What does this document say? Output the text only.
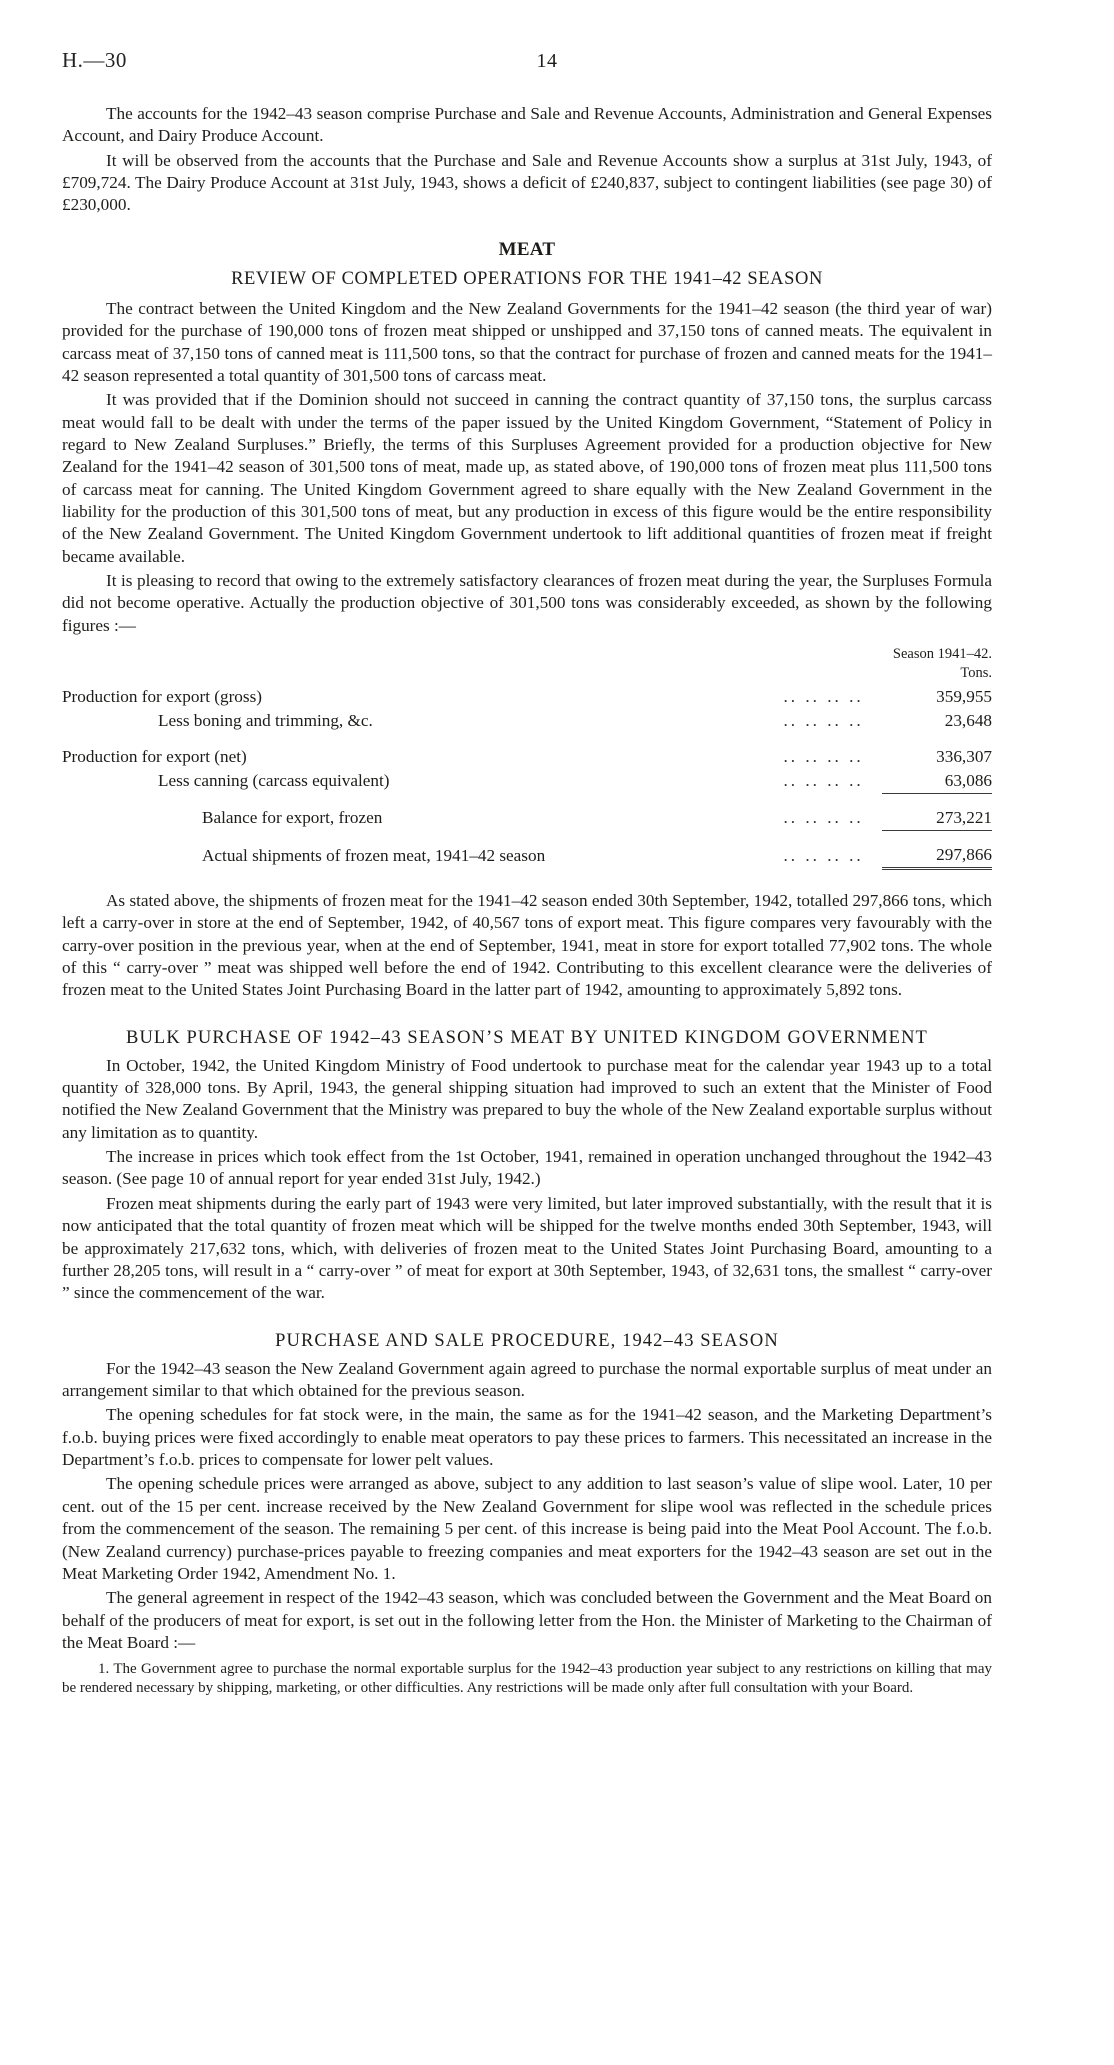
H.—30	14

The accounts for the 1942–43 season comprise Purchase and Sale and Revenue Accounts, Administration and General Expenses Account, and Dairy Produce Account.

It will be observed from the accounts that the Purchase and Sale and Revenue Accounts show a surplus at 31st July, 1943, of £709,724. The Dairy Produce Account at 31st July, 1943, shows a deficit of £240,837, subject to contingent liabilities (see page 30) of £230,000.

MEAT
REVIEW OF COMPLETED OPERATIONS FOR THE 1941–42 SEASON

The contract between the United Kingdom and the New Zealand Governments for the 1941–42 season (the third year of war) provided for the purchase of 190,000 tons of frozen meat shipped or unshipped and 37,150 tons of canned meats. The equivalent in carcass meat of 37,150 tons of canned meat is 111,500 tons, so that the contract for purchase of frozen and canned meats for the 1941–42 season represented a total quantity of 301,500 tons of carcass meat.

It was provided that if the Dominion should not succeed in canning the contract quantity of 37,150 tons, the surplus carcass meat would fall to be dealt with under the terms of the paper issued by the United Kingdom Government, “Statement of Policy in regard to New Zealand Surpluses.” Briefly, the terms of this Surpluses Agreement provided for a production objective for New Zealand for the 1941–42 season of 301,500 tons of meat, made up, as stated above, of 190,000 tons of frozen meat plus 111,500 tons of carcass meat for canning. The United Kingdom Government agreed to share equally with the New Zealand Government in the liability for the production of this 301,500 tons of meat, but any production in excess of this figure would be the entire responsibility of the New Zealand Government. The United Kingdom Government undertook to lift additional quantities of frozen meat if freight became available.

It is pleasing to record that owing to the extremely satisfactory clearances of frozen meat during the year, the Surpluses Formula did not become operative. Actually the production objective of 301,500 tons was considerably exceeded, as shown by the following figures :—

		Season 1941–42.
Tons.

Production for export (gross)	.. .. .. ..	359,955
Less boning and trimming, &c.	.. .. .. ..	23,648
Production for export (net)	.. .. .. ..	336,307
Less canning (carcass equivalent)	.. .. .. ..	63,086
Balance for export, frozen	.. .. .. ..	273,221
Actual shipments of frozen meat, 1941–42 season	.. .. .. ..	297,866

As stated above, the shipments of frozen meat for the 1941–42 season ended 30th September, 1942, totalled 297,866 tons, which left a carry-over in store at the end of September, 1942, of 40,567 tons of export meat. This figure compares very favourably with the carry-over position in the previous year, when at the end of September, 1941, meat in store for export totalled 77,902 tons. The whole of this “ carry-over ” meat was shipped well before the end of 1942. Contributing to this excellent clearance were the deliveries of frozen meat to the United States Joint Purchasing Board in the latter part of 1942, amounting to approximately 5,892 tons.

BULK PURCHASE OF 1942–43 SEASON’S MEAT BY UNITED KINGDOM GOVERNMENT

In October, 1942, the United Kingdom Ministry of Food undertook to purchase meat for the calendar year 1943 up to a total quantity of 328,000 tons. By April, 1943, the general shipping situation had improved to such an extent that the Minister of Food notified the New Zealand Government that the Ministry was prepared to buy the whole of the New Zealand exportable surplus without any limitation as to quantity.

The increase in prices which took effect from the 1st October, 1941, remained in operation unchanged throughout the 1942–43 season. (See page 10 of annual report for year ended 31st July, 1942.)

Frozen meat shipments during the early part of 1943 were very limited, but later improved substantially, with the result that it is now anticipated that the total quantity of frozen meat which will be shipped for the twelve months ended 30th September, 1943, will be approximately 217,632 tons, which, with deliveries of frozen meat to the United States Joint Purchasing Board, amounting to a further 28,205 tons, will result in a “ carry-over ” of meat for export at 30th September, 1943, of 32,631 tons, the smallest “ carry-over ” since the commencement of the war.

PURCHASE AND SALE PROCEDURE, 1942–43 SEASON

For the 1942–43 season the New Zealand Government again agreed to purchase the normal exportable surplus of meat under an arrangement similar to that which obtained for the previous season.

The opening schedules for fat stock were, in the main, the same as for the 1941–42 season, and the Marketing Department’s f.o.b. buying prices were fixed accordingly to enable meat operators to pay these prices to farmers. This necessitated an increase in the Department’s f.o.b. prices to compensate for lower pelt values.

The opening schedule prices were arranged as above, subject to any addition to last season’s value of slipe wool. Later, 10 per cent. out of the 15 per cent. increase received by the New Zealand Government for slipe wool was reflected in the schedule prices from the commencement of the season. The remaining 5 per cent. of this increase is being paid into the Meat Pool Account. The f.o.b. (New Zealand currency) purchase-prices payable to freezing companies and meat exporters for the 1942–43 season are set out in the Meat Marketing Order 1942, Amendment No. 1.

The general agreement in respect of the 1942–43 season, which was concluded between the Government and the Meat Board on behalf of the producers of meat for export, is set out in the following letter from the Hon. the Minister of Marketing to the Chairman of the Meat Board :—

1. The Government agree to purchase the normal exportable surplus for the 1942–43 production year subject to any restrictions on killing that may be rendered necessary by shipping, marketing, or other difficulties. Any restrictions will be made only after full consultation with your Board.
